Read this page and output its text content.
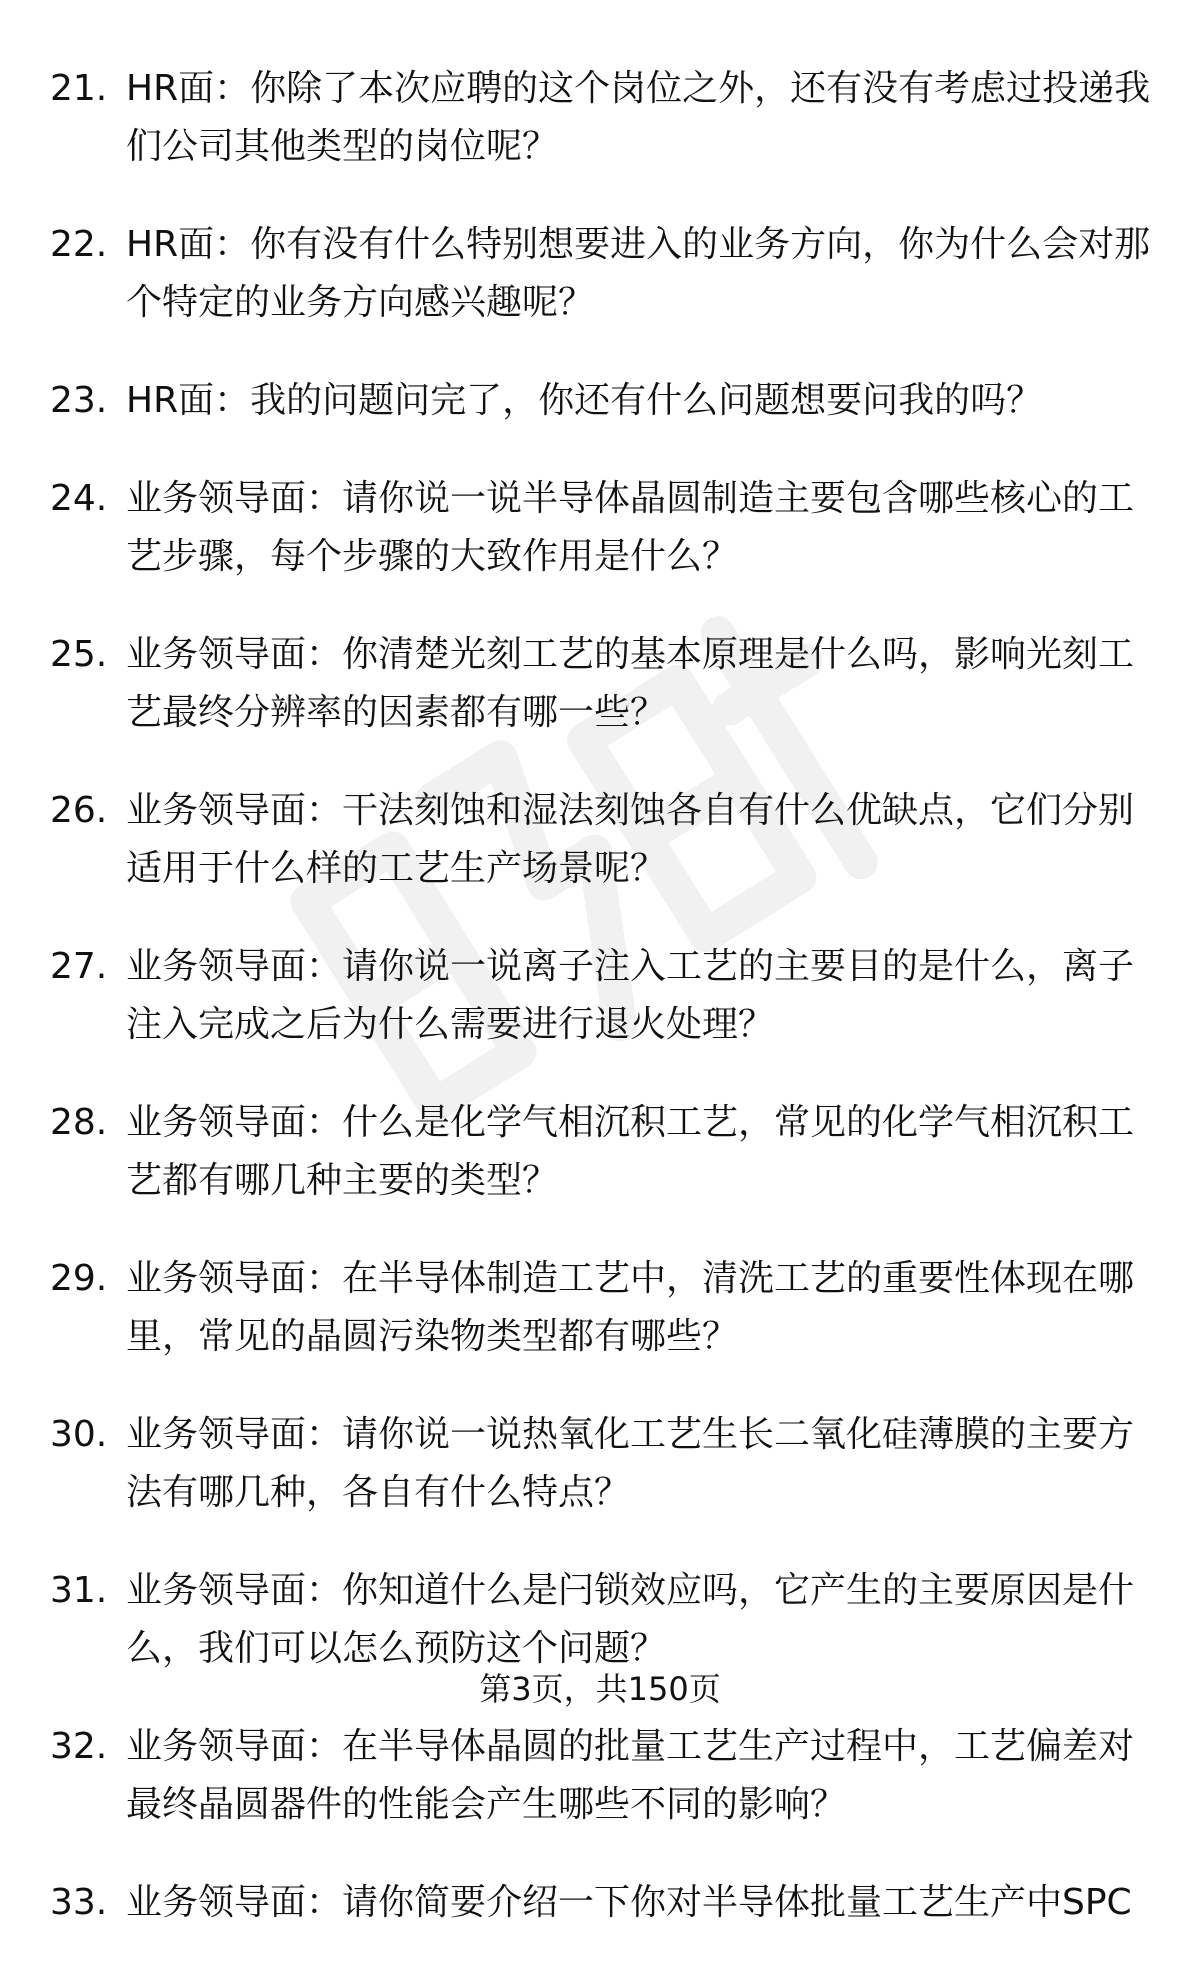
21. HR面：你除了本次应聘的这个岗位之外，还有没有考虑过投递我们公司其他类型的岗位呢？
22. HR面：你有没有什么特别想要进入的业务方向，你为什么会对那个特定的业务方向感兴趣呢？
23. HR面：我的问题问完了，你还有什么问题想要问我的吗？
24. 业务领导面：请你说一说半导体晶圆制造主要包含哪些核心的工艺步骤，每个步骤的大致作用是什么？
25. 业务领导面：你清楚光刻工艺的基本原理是什么吗，影响光刻工艺最终分辨率的因素都有哪一些？
26. 业务领导面：干法刻蚀和湿法刻蚀各自有什么优缺点，它们分别适用于什么样的工艺生产场景呢？
27. 业务领导面：请你说一说离子注入工艺的主要目的是什么，离子注入完成之后为什么需要进行退火处理？
28. 业务领导面：什么是化学气相沉积工艺，常见的化学气相沉积工艺都有哪几种主要的类型？
29. 业务领导面：在半导体制造工艺中，清洗工艺的重要性体现在哪里，常见的晶圆污染物类型都有哪些？
30. 业务领导面：请你说一说热氧化工艺生长二氧化硅薄膜的主要方法有哪几种，各自有什么特点？
31. 业务领导面：你知道什么是闩锁效应吗，它产生的主要原因是什么，我们可以怎么预防这个问题？
32. 业务领导面：在半导体晶圆的批量工艺生产过程中，工艺偏差对最终晶圆器件的性能会产生哪些不同的影响？
33. 业务领导面：请你简要介绍一下你对半导体批量工艺生产中SPC
第3页，共150页
